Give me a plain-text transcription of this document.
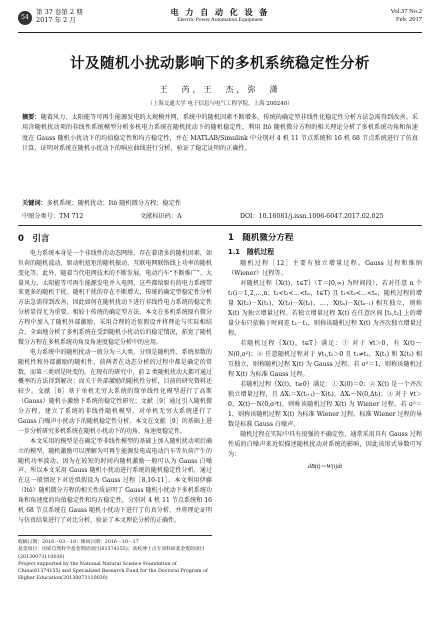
54
第 37 卷第 2 期
2017 年 2 月
电 力 自 动 化 设 备
Electric Power Automation Equipment
Vol.37 No.2
Feb. 2017
计及随机小扰动影响下的多机系统稳定性分析
王　芮，王　杰，弥　潇
（上海交通大学 电子信息与电气工程学院，上海 200240）
摘要：随着风力、太阳能等可再生能源发电的大规模并网，系统中的随机因素不断增多，传统的确定型非线性化稳定性分析方法急需得到改善。采用含随机扰动项的非线性系统模型分析多机电力系统在随机扰动下的随机稳定性，利用 Itô 随机微分方程的相关理论分析了多机系统功角和角速度在 Gauss 随机小扰动下的均值稳定性和均方稳定性，并在 MATLAB/Simulink 中分别对 4 机 11 节点系统和 16 机 68 节点系统进行了仿真计算，证明对系统在随机小扰动下的响应曲线进行分析，验证了稳定证明的正确性。
关键词：多机系统；随机扰动；Itô 随机微分方程；稳定性
中图分类号：TM 712	文献标识码：A	DOI：10.16081/j.issn.1006-6047.2017.02.025
0　引言

电力系统本身是一个非线性的动态网络，存在着诸多的随机因素，如负荷的随机波动、原动机扭矩的随机振动、互联电网联络线上功率的随机变化等。此外，随着当代电网技术的不断发展，电动汽车“不断推广”、大量风力、太阳能等可再生能源发电并入电网，这些都给原有的电力系统带来更多的随机干扰。随机干扰的存在不断增大，传统的确定型稳定性分析方法急需得到改善，因此如何在随机扰动下进行非线性电力系统的稳定性分析显得尤为重要。相较于传统的确定型方法，本文在多机系统原有微分方程中加入了随机外部激励，采用合理的近似假设并将理论与实际相结合，全面地分析了多机系统在受到随机小扰动后的稳定情况，拓宽了随机微分方程在多机系统功角及角速度稳定分析中的应用。

电力系统中的随机扰动一般分为三大类，分别是随机性、系统参数的随机性和外部激励的随机性，前两者在动态分析的过程中都是确定的常数，而第三类则是时变的。在现有的研究中，前 2 类随机扰动大都可通过概率的方法得到解决；而关于外部激励的随机性分析，目前的研究资料还较少。文献［8］基于单机无穷大系统的简单线性化模型进行了高斯（Gauss）随机小激励下系统的稳定性研究；文献［9］通过引入随机微分方程，建立了系统的非线性随机模型，对单机无穷大系统进行了 Gauss 白噪声小扰动下的随机稳定性分析。本文在文献［9］的基础上进一步分析研究多机系统在随机小扰动下的功角、角速度稳定性。

本文采用的模型是在确定型非线性模型的基础上加入随机扰动项后确立的模型，随机激励可以理解为可再生能源发电或电动汽车等负荷产生的随机功率波动，因为在较短的时间内随机激励一般可认为 Gauss 白噪声，所以本文采用 Gauss 随机小扰动进行系统的随机稳定性分析，通过在这一般情况下对近似假设为 Gauss 过程［8,10-11］。本文利用伊藤（Itô）随机微分方程的相关性质证明了 Gauss 随机小扰动下多机系统功角和角速度的均值稳定性和均方稳定性，分别对 4 机 11 节点系统和 16 机 68 节点系统在 Gauss 随机小扰动下进行了仿真分析，并将理论证明与仿真结果进行了对比分析，验证了本文理论分析的正确性。

1　随机微分方程
1.1　随机过程

随机过程［12］主要有独立增量过程、Gauss 过程和维纳（Wiener）过程等。

对随机过程｛X(t)，t∈T｝（T＝[0,∞) 为时间段），若对任意 n 个 t₁(i＝1,2,…,n；t₁<t₂<…<tₙ，t∈T) 且 t₁<t₂<…<tₙ，随机过程的增量 X(t₂)－X(t₁)，X(t₃)－X(t₂)，…，X(tₙ)－X(tₙ₋₁) 相互独立，则称 X(t) 为独立增量过程。若独立增量过程 X(t) 在任意区间 [t₁,t₂] 上的增量分布只依赖于时间差 t₂－t₁，则称该随机过程 X(t) 为齐次独立增量过程。

若随机过程｛X(t)，t∈T｝满足：① 对于 ∀t＞0，有 X(t)～N(0,σ²)；② 任意随机过程对于 ∀t₁,t₂＞0 且 t₁≠t₂，X(t₁) 和 X(t₂) 相互独立，则称随机过程 X(t) 为 Gauss 过程。若 σ²＝1，则称该随机过程 X(t) 为标准 Gauss 过程。

若随机过程｛X(t)，t≥0｝满足：① X(0)＝0；② X(t) 是一个齐次独立增量过程，且 ΔXᵢ＝X(tᵢ₊₁)－X(tᵢ)，ΔXᵢ～N(0,Δtᵢ)；③ 对于 ∀t＞0，X(t)～N(0,σ²t)，则称该随机过程 X(t) 为 Wiener 过程。若 σ²＝1，则称该随机过程 X(t) 为标准 Wiener 过程。标准 Wiener 过程的导数是标准 Gauss 白噪声。

随机过程在实际中具有很强的不确定性，通常采用具有 Gauss 过程性质的白噪声来近似描述随机扰动对系统的影响，因此该形式导数可写为：

dB(t)＝W(t)dt
收稿日期：2016－03－18；修回日期：2016－10－17
基金项目：国家自然科学基金资助项目(61374155)；高校博士点专项科研基金资助项目(20130073110030)
Project supported by the National Natural Science Foundation of China(61374155) and Specialized Research Fund for the Doctoral Program of Higher Education(20130073110030)
